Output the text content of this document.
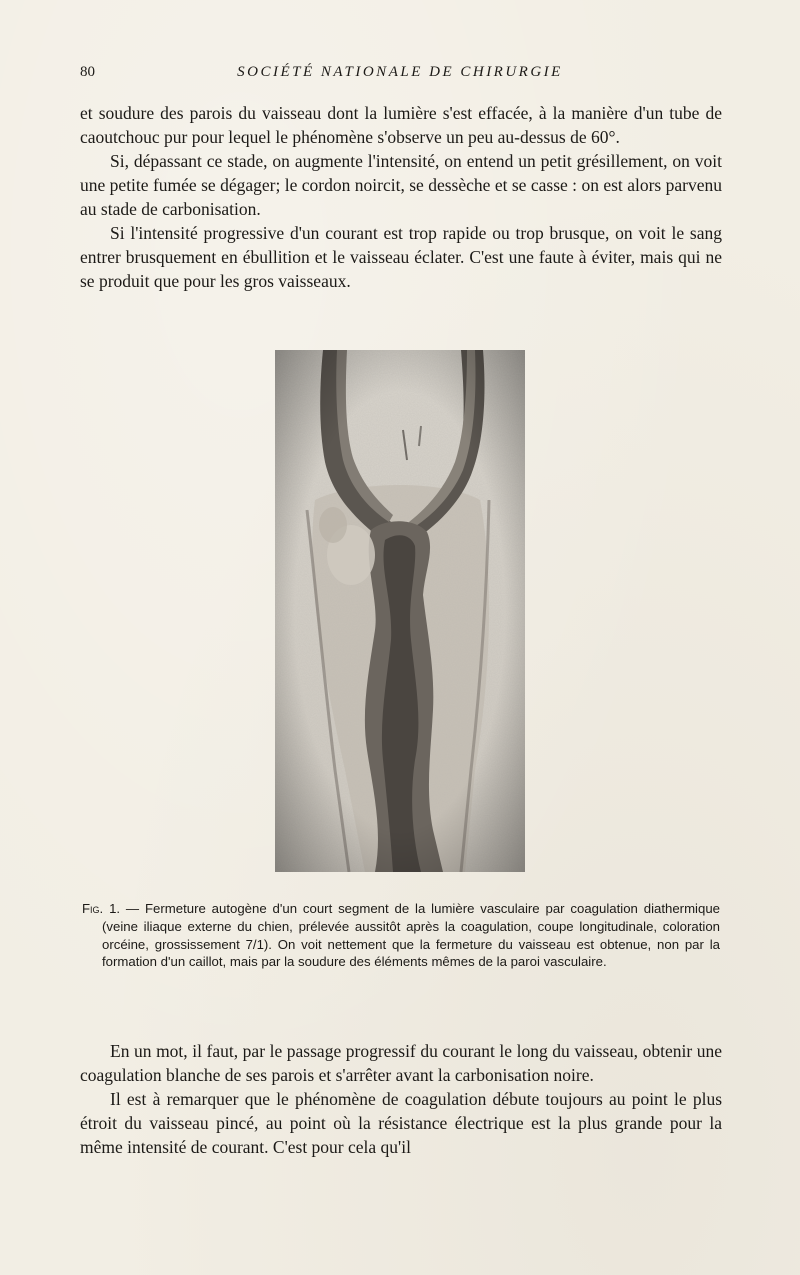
80	SOCIÉTÉ NATIONALE DE CHIRURGIE

et soudure des parois du vaisseau dont la lumière s'est effacée, à la manière d'un tube de caoutchouc pur pour lequel le phénomène s'observe un peu au-dessus de 60°.

Si, dépassant ce stade, on augmente l'intensité, on entend un petit grésillement, on voit une petite fumée se dégager; le cordon noircit, se dessèche et se casse : on est alors parvenu au stade de carbonisation.

Si l'intensité progressive d'un courant est trop rapide ou trop brusque, on voit le sang entrer brusquement en ébullition et le vaisseau éclater. C'est une faute à éviter, mais qui ne se produit que pour les gros vaisseaux.

Fig. 1. — Fermeture autogène d'un court segment de la lumière vasculaire par coagulation diathermique (veine iliaque externe du chien, prélevée aussitôt après la coagulation, coupe longitudinale, coloration orcéine, grossissement 7/1). On voit nettement que la fermeture du vaisseau est obtenue, non par la formation d'un caillot, mais par la soudure des éléments mêmes de la paroi vasculaire.

En un mot, il faut, par le passage progressif du courant le long du vaisseau, obtenir une coagulation blanche de ses parois et s'arrêter avant la carbonisation noire.

Il est à remarquer que le phénomène de coagulation débute toujours au point le plus étroit du vaisseau pincé, au point où la résistance électrique est la plus grande pour la même intensité de courant. C'est pour cela qu'il
